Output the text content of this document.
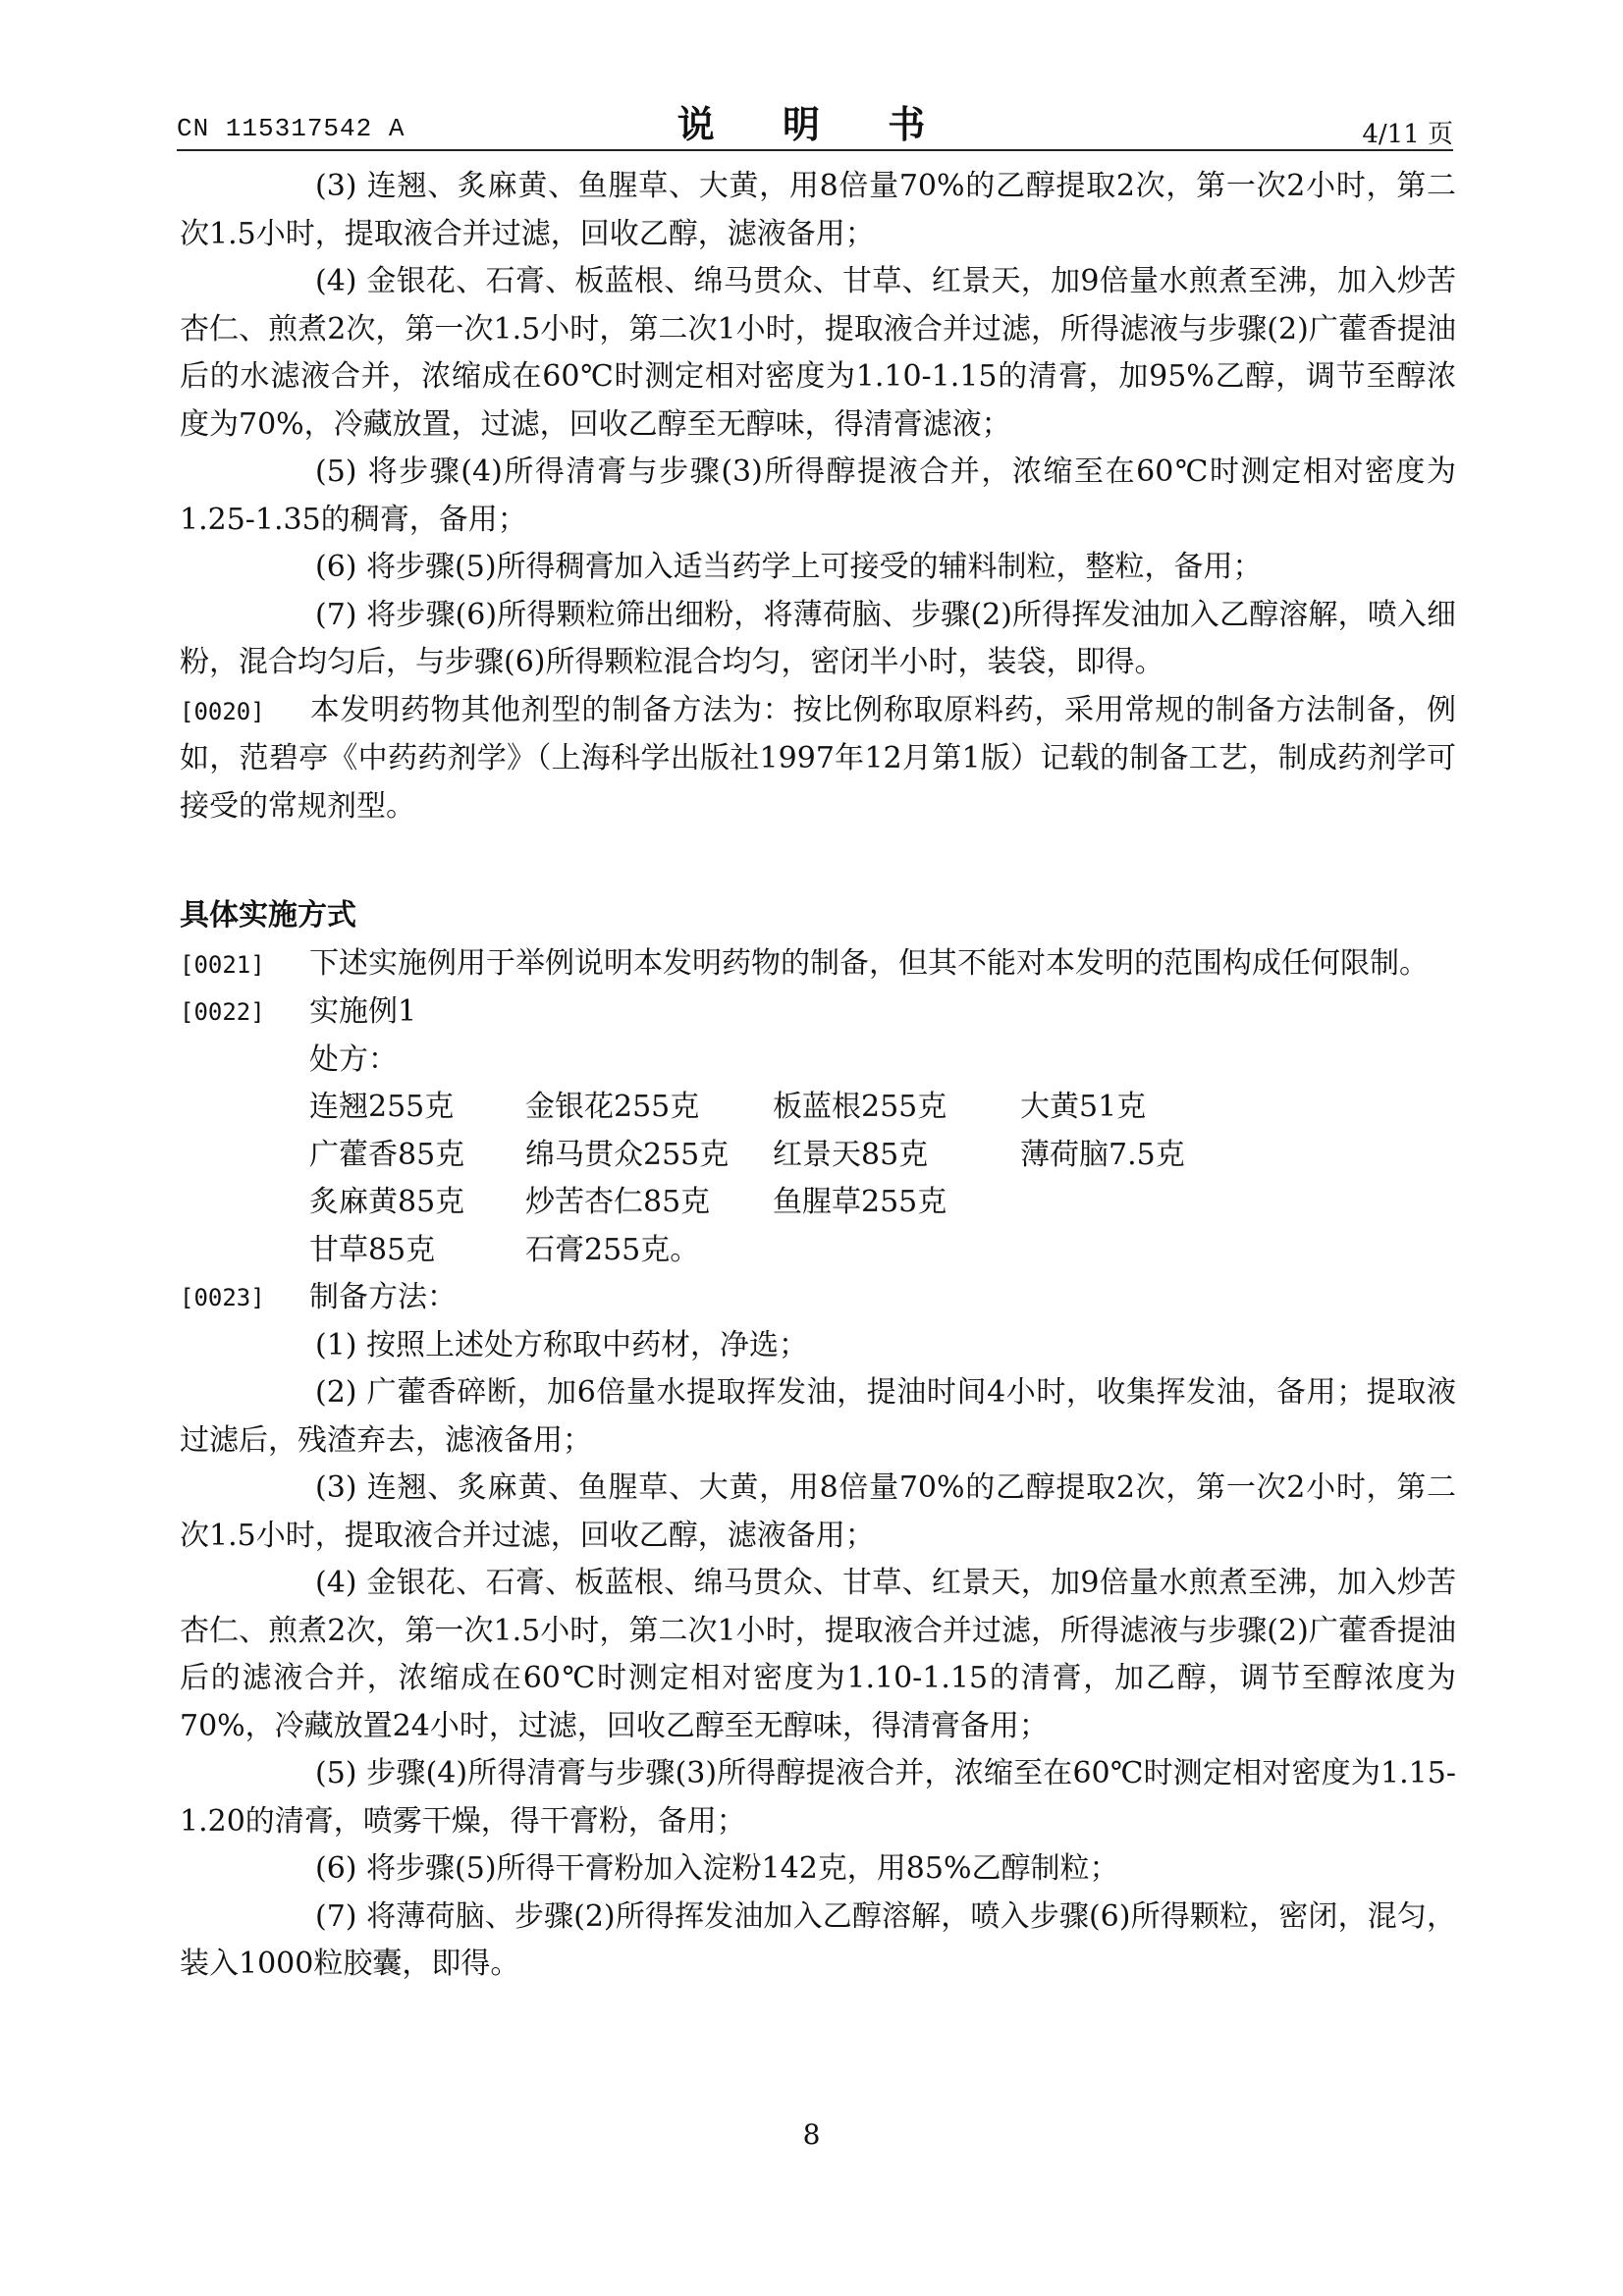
CN 115317542 A	说 明 书	4/11 页

(3) 连翘、炙麻黄、鱼腥草、大黄，用8倍量70%的乙醇提取2次，第一次2小时，第二次1.5小时，提取液合并过滤，回收乙醇，滤液备用；

(4) 金银花、石膏、板蓝根、绵马贯众、甘草、红景天，加9倍量水煎煮至沸，加入炒苦杏仁、煎煮2次，第一次1.5小时，第二次1小时，提取液合并过滤，所得滤液与步骤(2)广藿香提油后的水滤液合并，浓缩成在60℃时测定相对密度为1.10-1.15的清膏，加95%乙醇，调节至醇浓度为70%，冷藏放置，过滤，回收乙醇至无醇味，得清膏滤液；

(5) 将步骤(4)所得清膏与步骤(3)所得醇提液合并，浓缩至在60℃时测定相对密度为1.25-1.35的稠膏，备用；

(6) 将步骤(5)所得稠膏加入适当药学上可接受的辅料制粒，整粒，备用；

(7) 将步骤(6)所得颗粒筛出细粉，将薄荷脑、步骤(2)所得挥发油加入乙醇溶解，喷入细粉，混合均匀后，与步骤(6)所得颗粒混合均匀，密闭半小时，装袋，即得。

[0020] 本发明药物其他剂型的制备方法为：按比例称取原料药，采用常规的制备方法制备，例如，范碧亭《中药药剂学》（上海科学出版社1997年12月第1版）记载的制备工艺，制成药剂学可接受的常规剂型。

具体实施方式

[0021] 下述实施例用于举例说明本发明药物的制备，但其不能对本发明的范围构成任何限制。

[0022] 实施例1
处方：
连翘255克	金银花255克	板蓝根255克	大黄51克
广藿香85克	绵马贯众255克	红景天85克	薄荷脑7.5克
炙麻黄85克	炒苦杏仁85克	鱼腥草255克
甘草85克	石膏255克。
[0023] 制备方法：

(1) 按照上述处方称取中药材，净选；

(2) 广藿香碎断，加6倍量水提取挥发油，提油时间4小时，收集挥发油，备用；提取液过滤后，残渣弃去，滤液备用；

(3) 连翘、炙麻黄、鱼腥草、大黄，用8倍量70%的乙醇提取2次，第一次2小时，第二次1.5小时，提取液合并过滤，回收乙醇，滤液备用；

(4) 金银花、石膏、板蓝根、绵马贯众、甘草、红景天，加9倍量水煎煮至沸，加入炒苦杏仁、煎煮2次，第一次1.5小时，第二次1小时，提取液合并过滤，所得滤液与步骤(2)广藿香提油后的滤液合并，浓缩成在60℃时测定相对密度为1.10-1.15的清膏，加乙醇，调节至醇浓度为70%，冷藏放置24小时，过滤，回收乙醇至无醇味，得清膏备用；

(5) 步骤(4)所得清膏与步骤(3)所得醇提液合并，浓缩至在60℃时测定相对密度为1.15-1.20的清膏，喷雾干燥，得干膏粉，备用；

(6) 将步骤(5)所得干膏粉加入淀粉142克，用85%乙醇制粒；

(7) 将薄荷脑、步骤(2)所得挥发油加入乙醇溶解，喷入步骤(6)所得颗粒，密闭，混匀，装入1000粒胶囊，即得。

8
